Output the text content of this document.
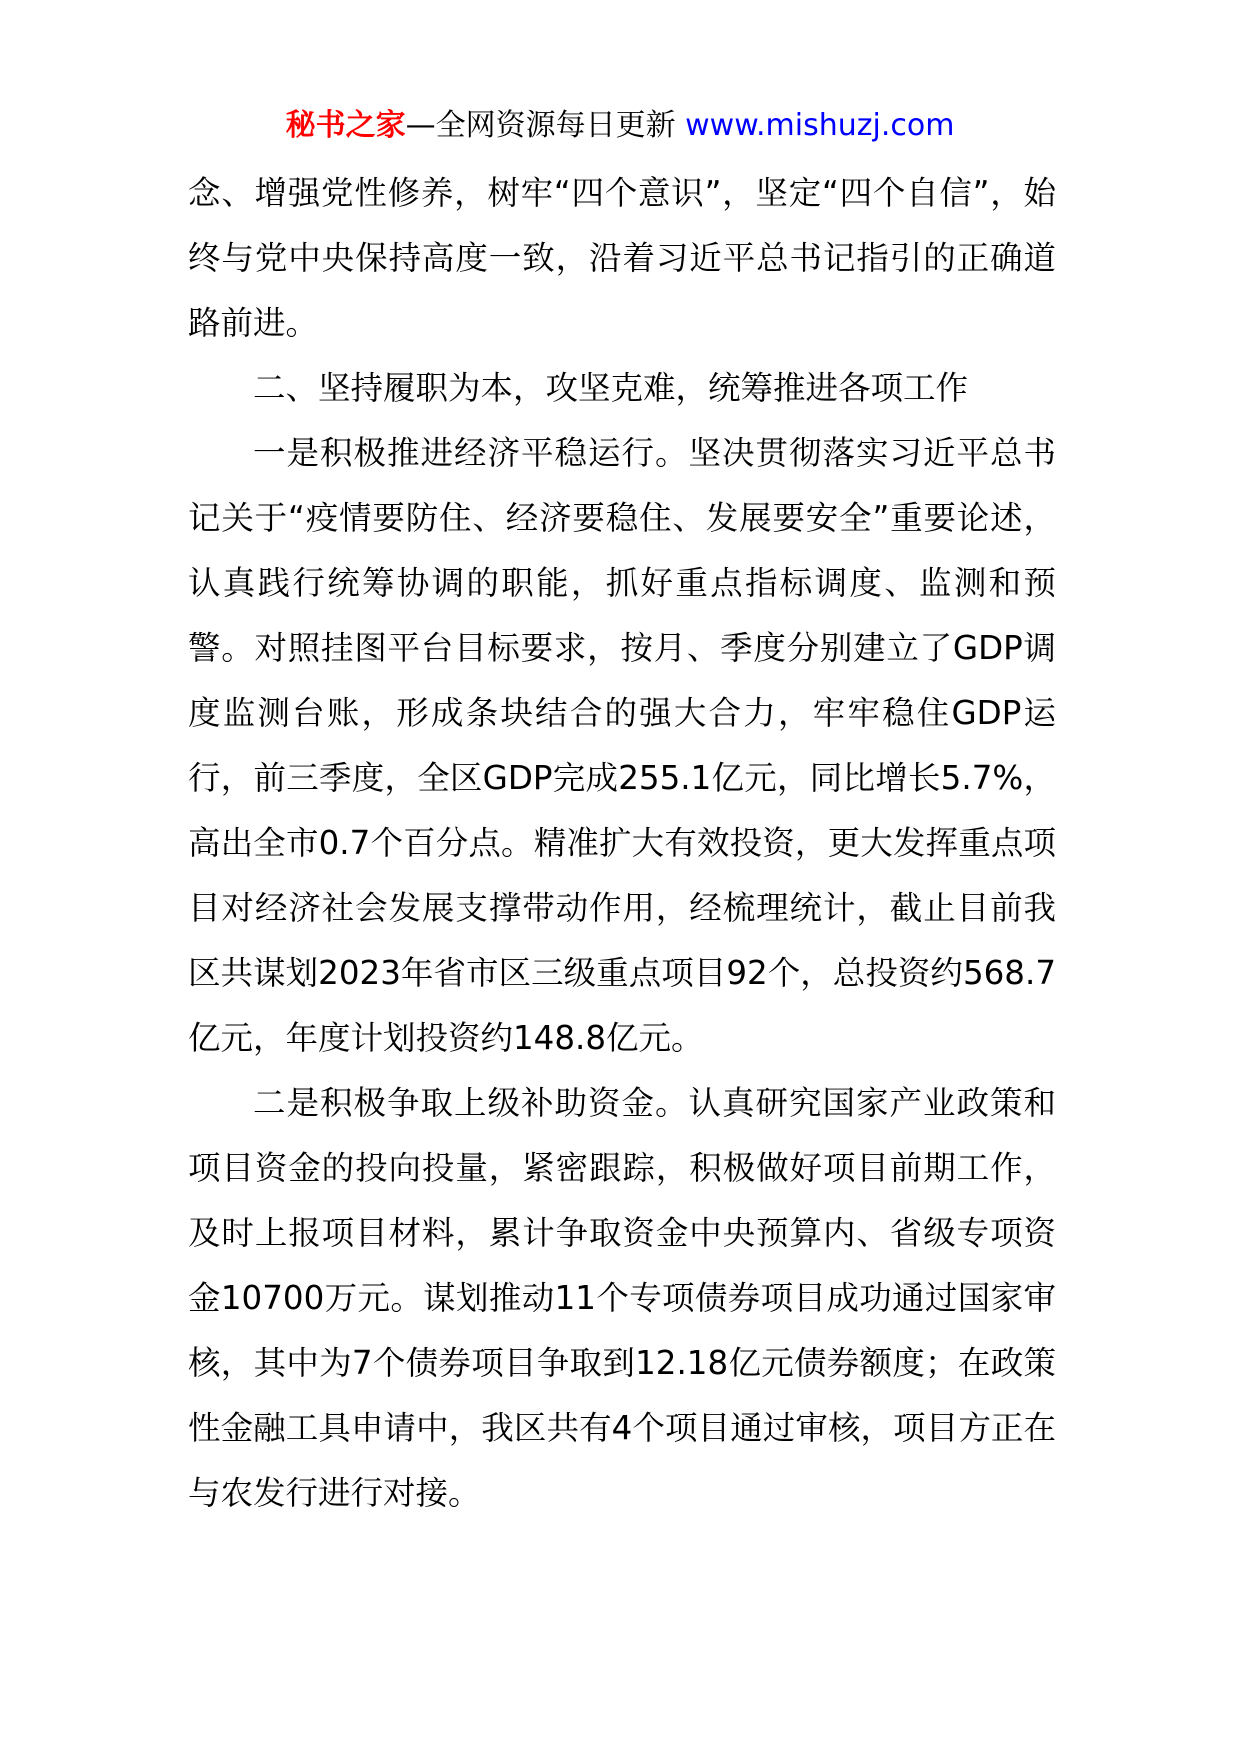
秘书之家—全网资源每日更新 www.mishuzj.com

念、增强党性修养，树牢“四个意识”，坚定“四个自信”，始终与党中央保持高度一致，沿着习近平总书记指引的正确道路前进。

二、坚持履职为本，攻坚克难，统筹推进各项工作

一是积极推进经济平稳运行。坚决贯彻落实习近平总书记关于“疫情要防住、经济要稳住、发展要安全”重要论述，认真践行统筹协调的职能，抓好重点指标调度、监测和预警。对照挂图平台目标要求，按月、季度分别建立了GDP调度监测台账，形成条块结合的强大合力，牢牢稳住GDP运行，前三季度，全区GDP完成255.1亿元，同比增长5.7%，高出全市0.7个百分点。精准扩大有效投资，更大发挥重点项目对经济社会发展支撑带动作用，经梳理统计，截止目前我区共谋划2023年省市区三级重点项目92个，总投资约568.7亿元，年度计划投资约148.8亿元。

二是积极争取上级补助资金。认真研究国家产业政策和项目资金的投向投量，紧密跟踪，积极做好项目前期工作，及时上报项目材料，累计争取资金中央预算内、省级专项资金10700万元。谋划推动11个专项债券项目成功通过国家审核，其中为7个债券项目争取到12.18亿元债券额度；在政策性金融工具申请中，我区共有4个项目通过审核，项目方正在与农发行进行对接。
